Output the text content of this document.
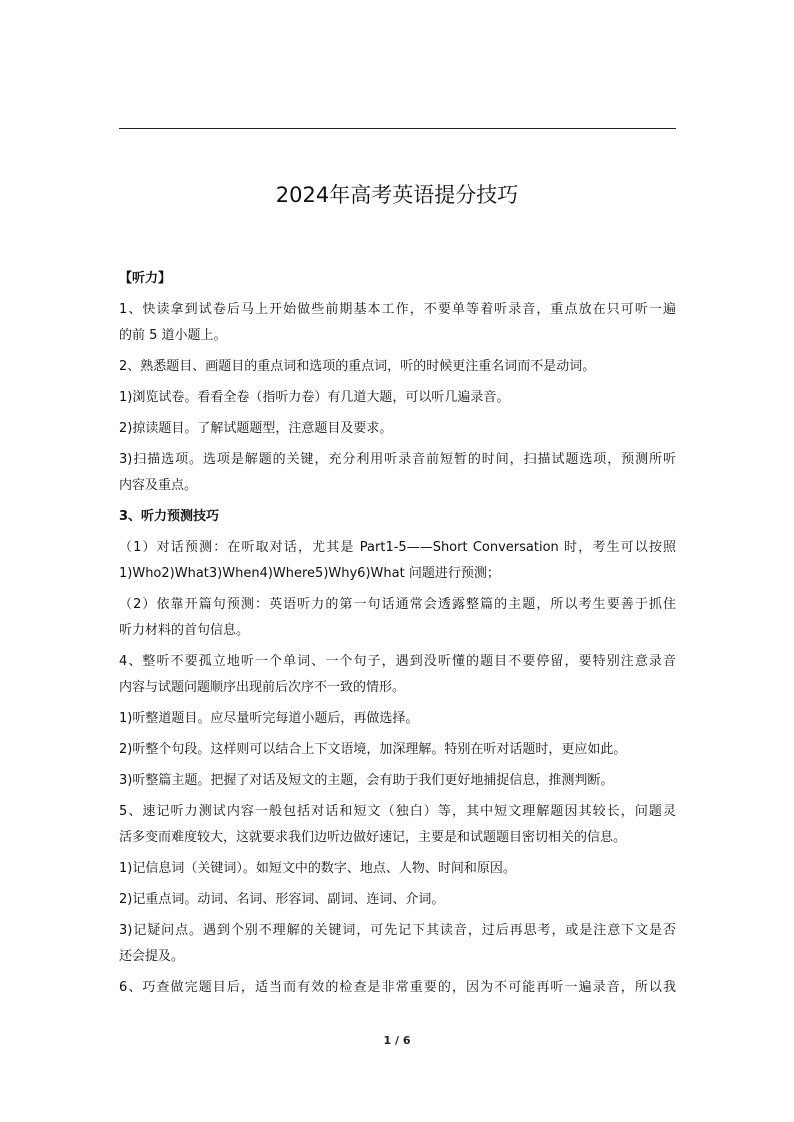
2024年高考英语提分技巧
【听力】
1、快读拿到试卷后马上开始做些前期基本工作，不要单等着听录音，重点放在只可听一遍
的前 5 道小题上。
2、熟悉题目、画题目的重点词和选项的重点词，听的时候更注重名词而不是动词。
1)浏览试卷。看看全卷（指听力卷）有几道大题，可以听几遍录音。
2)掠读题目。了解试题题型，注意题目及要求。
3)扫描选项。选项是解题的关键，充分利用听录音前短暂的时间，扫描试题选项，预测所听
内容及重点。
3、听力预测技巧
（1）对话预测：在听取对话，尤其是 Part1-5——Short Conversation 时，考生可以按照
1)Who2)What3)When4)Where5)Why6)What 问题进行预测；
（2）依靠开篇句预测：英语听力的第一句话通常会透露整篇的主题，所以考生要善于抓住
听力材料的首句信息。
4、整听不要孤立地听一个单词、一个句子，遇到没听懂的题目不要停留，要特别注意录音
内容与试题问题顺序出现前后次序不一致的情形。
1)听整道题目。应尽量听完每道小题后，再做选择。
2)听整个句段。这样则可以结合上下文语境，加深理解。特别在听对话题时，更应如此。
3)听整篇主题。把握了对话及短文的主题，会有助于我们更好地捕捉信息，推测判断。
5、速记听力测试内容一般包括对话和短文（独白）等，其中短文理解题因其较长，问题灵
活多变而难度较大，这就要求我们边听边做好速记，主要是和试题题目密切相关的信息。
1)记信息词（关键词）。如短文中的数字、地点、人物、时间和原因。
2)记重点词。动词、名词、形容词、副词、连词、介词。
3)记疑问点。遇到个别不理解的关键词，可先记下其读音，过后再思考，或是注意下文是否
还会提及。
6、巧查做完题目后，适当而有效的检查是非常重要的，因为不可能再听一遍录音，所以我
1 / 6
